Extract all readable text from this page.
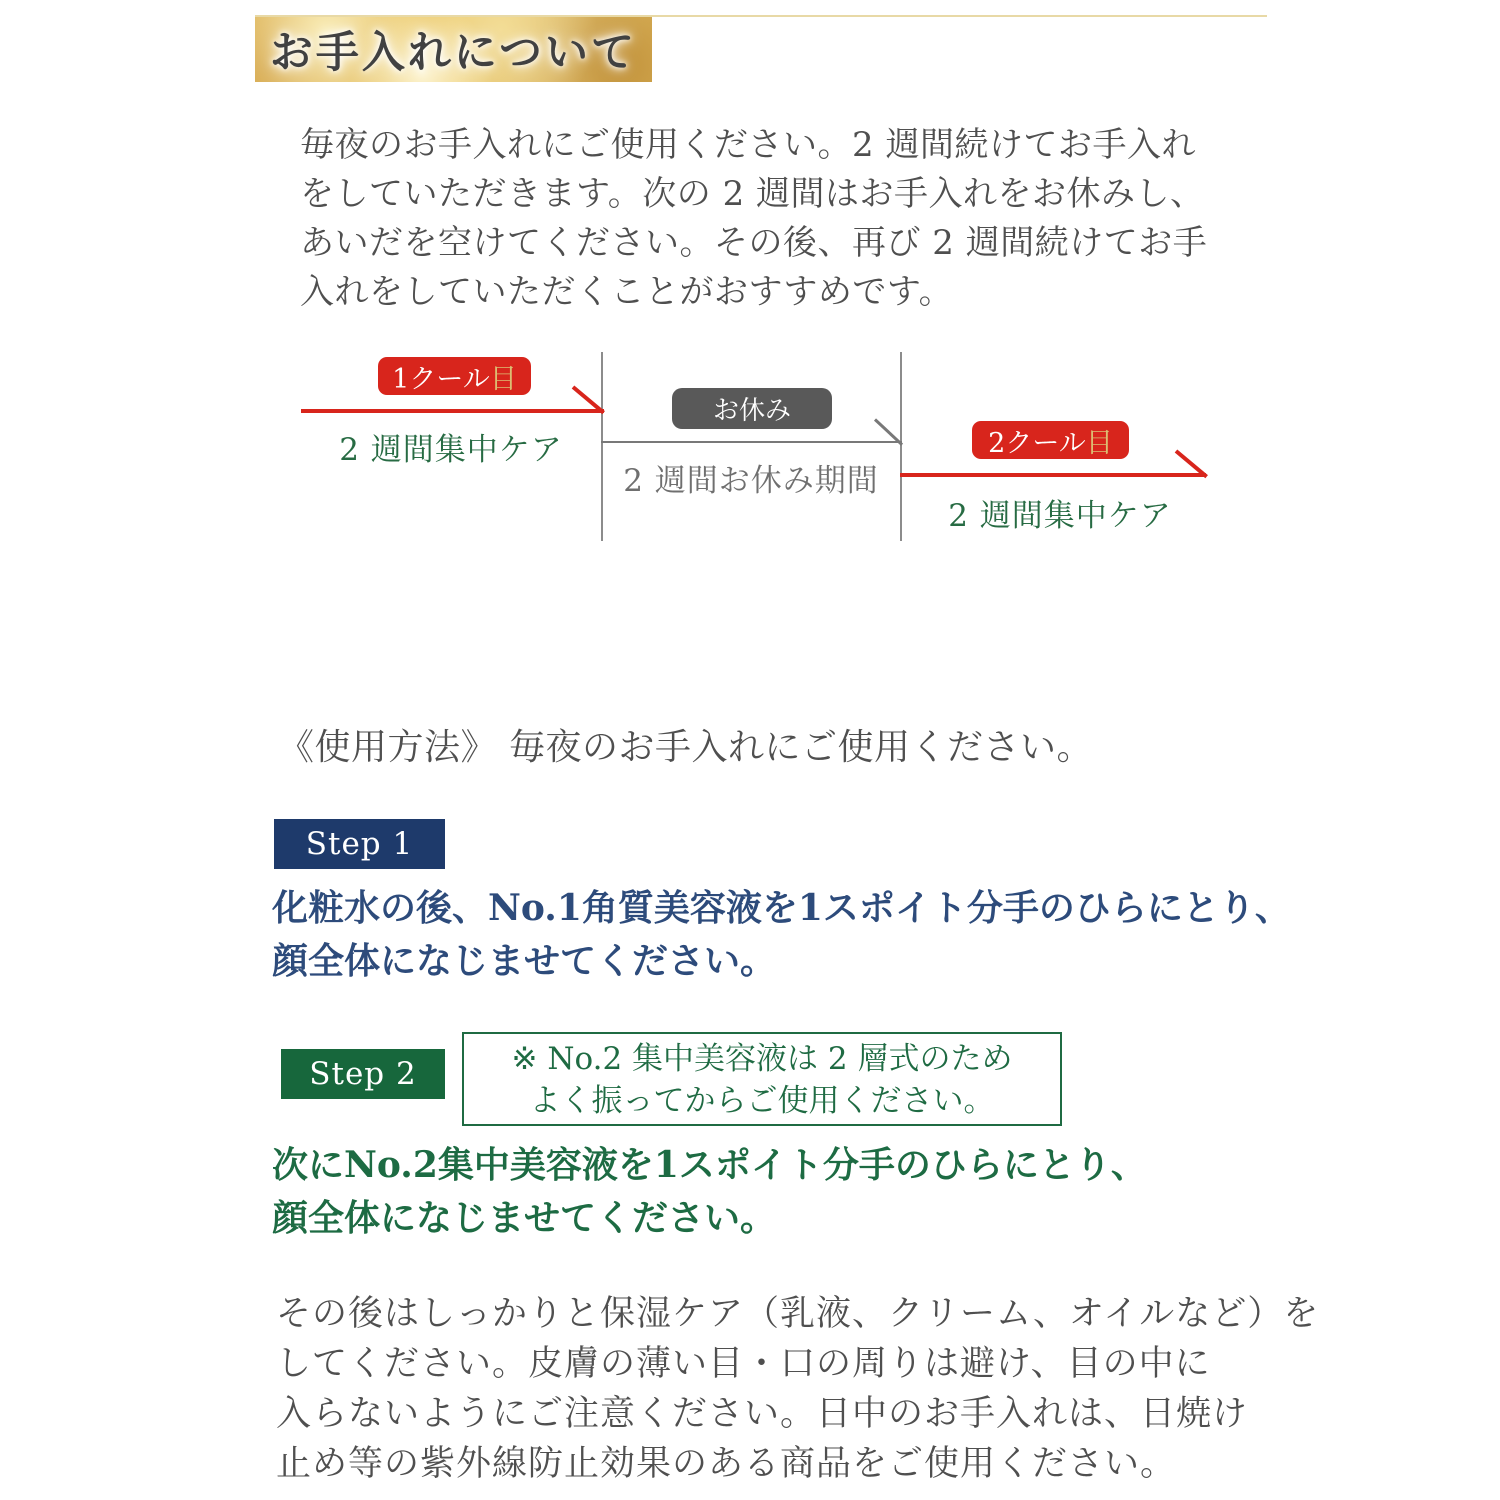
お手入れについて
毎夜のお手入れにご使用ください。2 週間続けてお手入れ
をしていただきます。次の 2 週間はお手入れをお休みし、
あいだを空けてください。その後、再び 2 週間続けてお手
入れをしていただくことがおすすめです。
1クール 目
2 週間集中ケア
お休み
2 週間お休み期間
2クール 目
2 週間集中ケア
《使用方法》 毎夜のお手入れにご使用ください。
Step 1
化粧水の後、No.1角質美容液を1スポイト分手のひらにとり、
顔全体になじませてください。
Step 2	※ No.2 集中美容液は 2 層式のため
よく振ってからご使用ください。
次にNo.2集中美容液を1スポイト分手のひらにとり、
顔全体になじませてください。
その後はしっかりと保湿ケア（乳液、クリーム、オイルなど）を
してください。皮膚の薄い目・口の周りは避け、目の中に
入らないようにご注意ください。日中のお手入れは、日焼け
止め等の紫外線防止効果のある商品をご使用ください。
